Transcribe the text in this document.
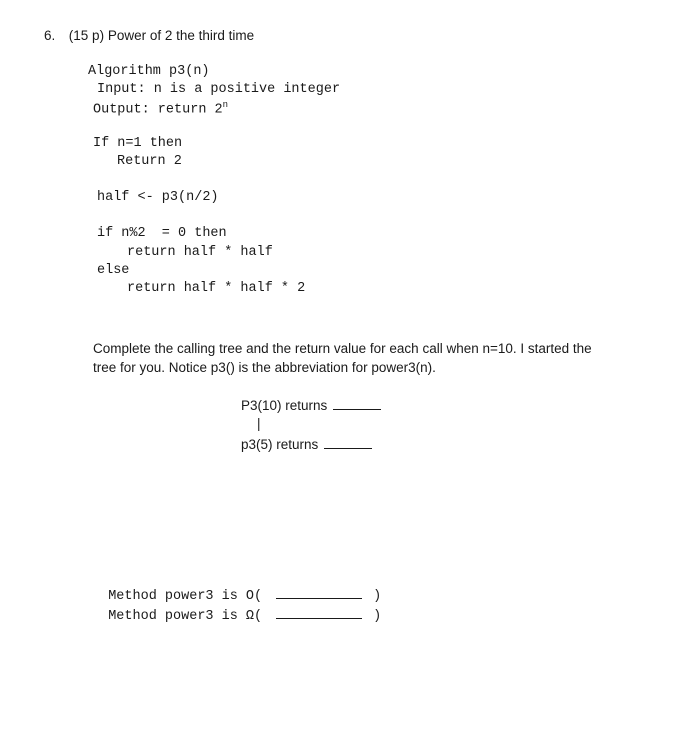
6. (15 p) Power of 2 the third time
Algorithm p3(n)
Input: n is a positive integer
Output: return 2$^n$
If n=1 then
Return 2
half <- p3(n/2)
if n%2  = 0 then
return half * half
else
return half * half * 2
Complete the calling tree and the return value for each call when n=10. I started the
tree for you. Notice p3() is the abbreviation for power3(n).
P3(10) returns
|
p3(5) returns

Method power3 is O(	)

Method power3 is Ω(	)
